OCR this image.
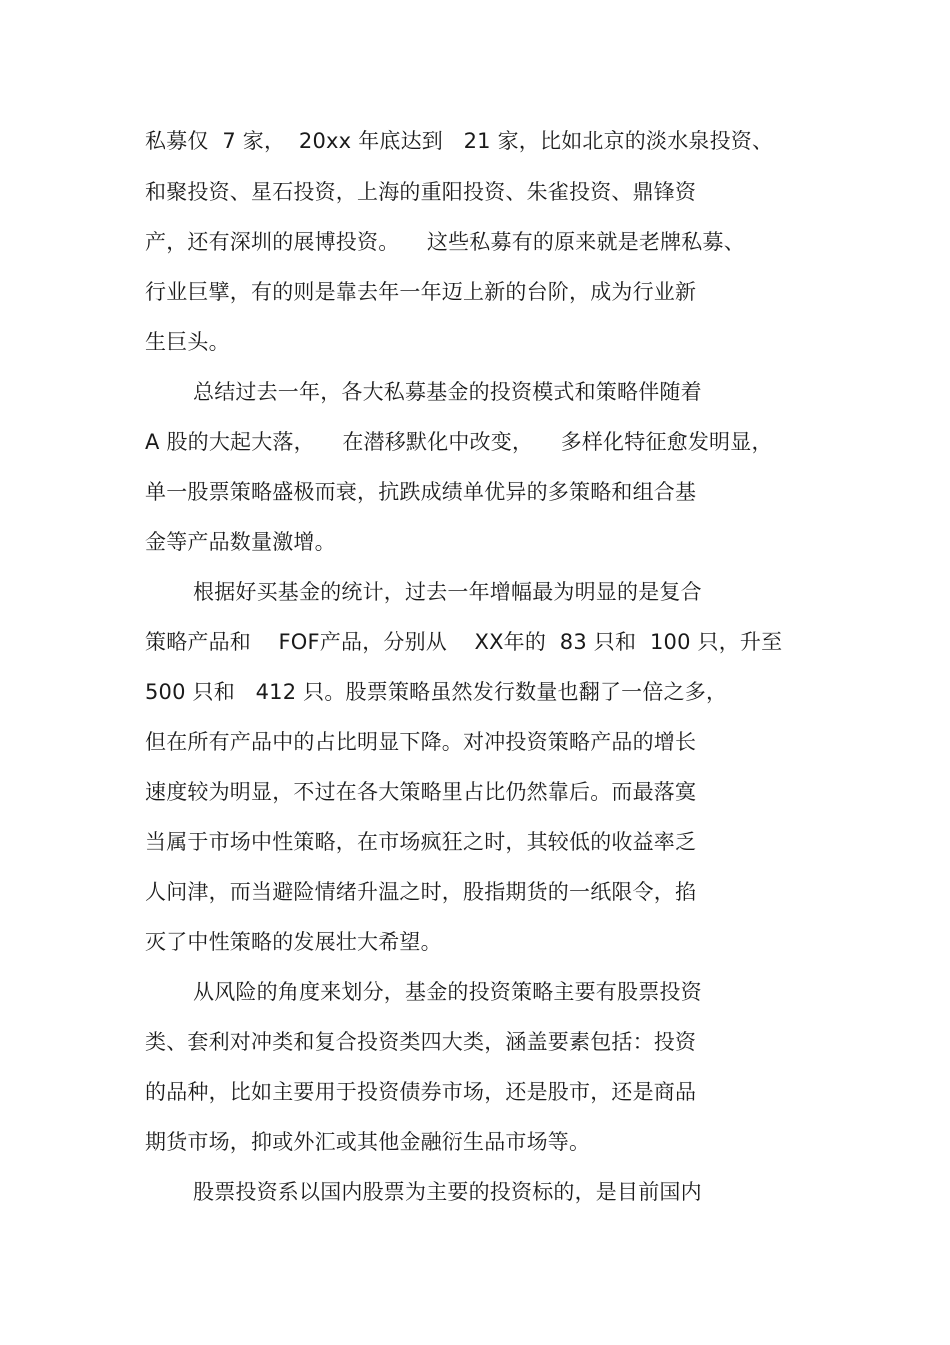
私募仅  7 家，  20xx 年底达到   21 家，比如北京的淡水泉投资、

和聚投资、星石投资，上海的重阳投资、朱雀投资、鼎锋资

产，还有深圳的展博投资。    这些私募有的原来就是老牌私募、

行业巨擘，有的则是靠去年一年迈上新的台阶，成为行业新

生巨头。

总结过去一年，各大私募基金的投资模式和策略伴随着

A 股的大起大落，    在潜移默化中改变，    多样化特征愈发明显，

单一股票策略盛极而衰，抗跌成绩单优异的多策略和组合基

金等产品数量激增。

根据好买基金的统计，过去一年增幅最为明显的是复合

策略产品和    FOF产品，分别从    XX年的  83 只和  100 只，升至

500 只和   412 只。股票策略虽然发行数量也翻了一倍之多，

但在所有产品中的占比明显下降。对冲投资策略产品的增长

速度较为明显，不过在各大策略里占比仍然靠后。而最落寞

当属于市场中性策略，在市场疯狂之时，其较低的收益率乏

人问津，而当避险情绪升温之时，股指期货的一纸限令，掐

灭了中性策略的发展壮大希望。

从风险的角度来划分，基金的投资策略主要有股票投资

类、套利对冲类和复合投资类四大类，涵盖要素包括：投资

的品种，比如主要用于投资债券市场，还是股市，还是商品

期货市场，抑或外汇或其他金融衍生品市场等。

股票投资系以国内股票为主要的投资标的，是目前国内
